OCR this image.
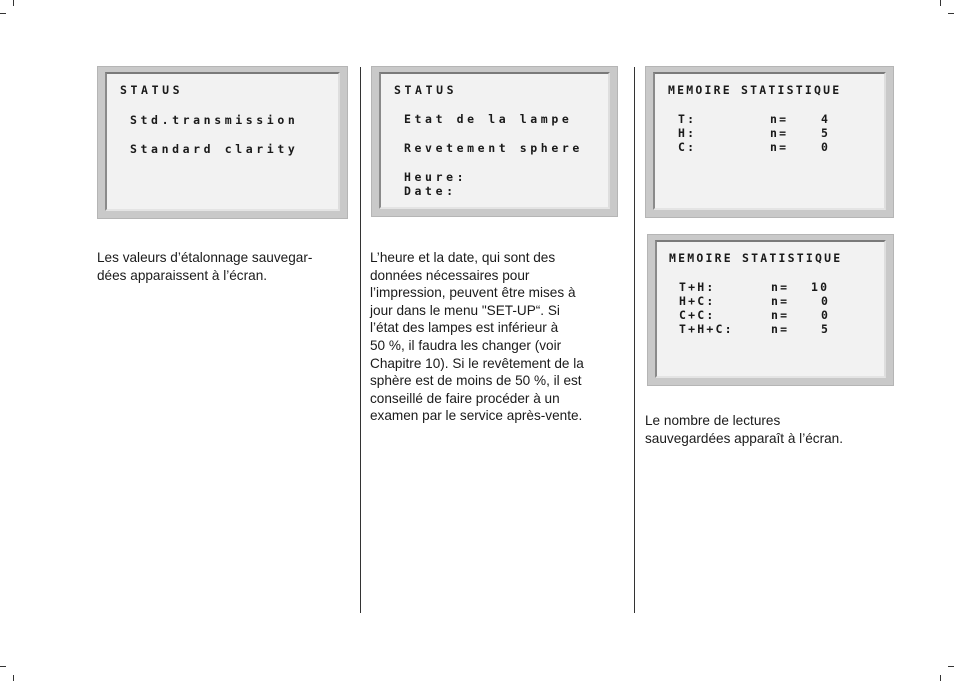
STATUS
Std.transmission
Standard clarity
Les valeurs d’étalonnage sauvegar-
dées apparaissent à l’écran.
STATUS
Etat de la lampe
Revetement sphere
Heure:
Date:
L’heure et la date, qui sont des
données nécessaires pour
l’impression, peuvent être mises à
jour dans le menu "SET-UP“. Si
l’état des lampes est inférieur à
50 %, il faudra les changer (voir
Chapitre 10). Si le revêtement de la
sphère est de moins de 50 %, il est
conseillé de faire procéder à un
examen par le service après-vente.
MEMOIRE STATISTIQUE
T:	n=	4
H:	n=	5
C:	n=	0
MEMOIRE STATISTIQUE
T+H:	n= 10
H+C:	n=	0
C+C:	n=	0
T+H+C:	n=	5
Le nombre de lectures
sauvegardées apparaît à l’écran.
